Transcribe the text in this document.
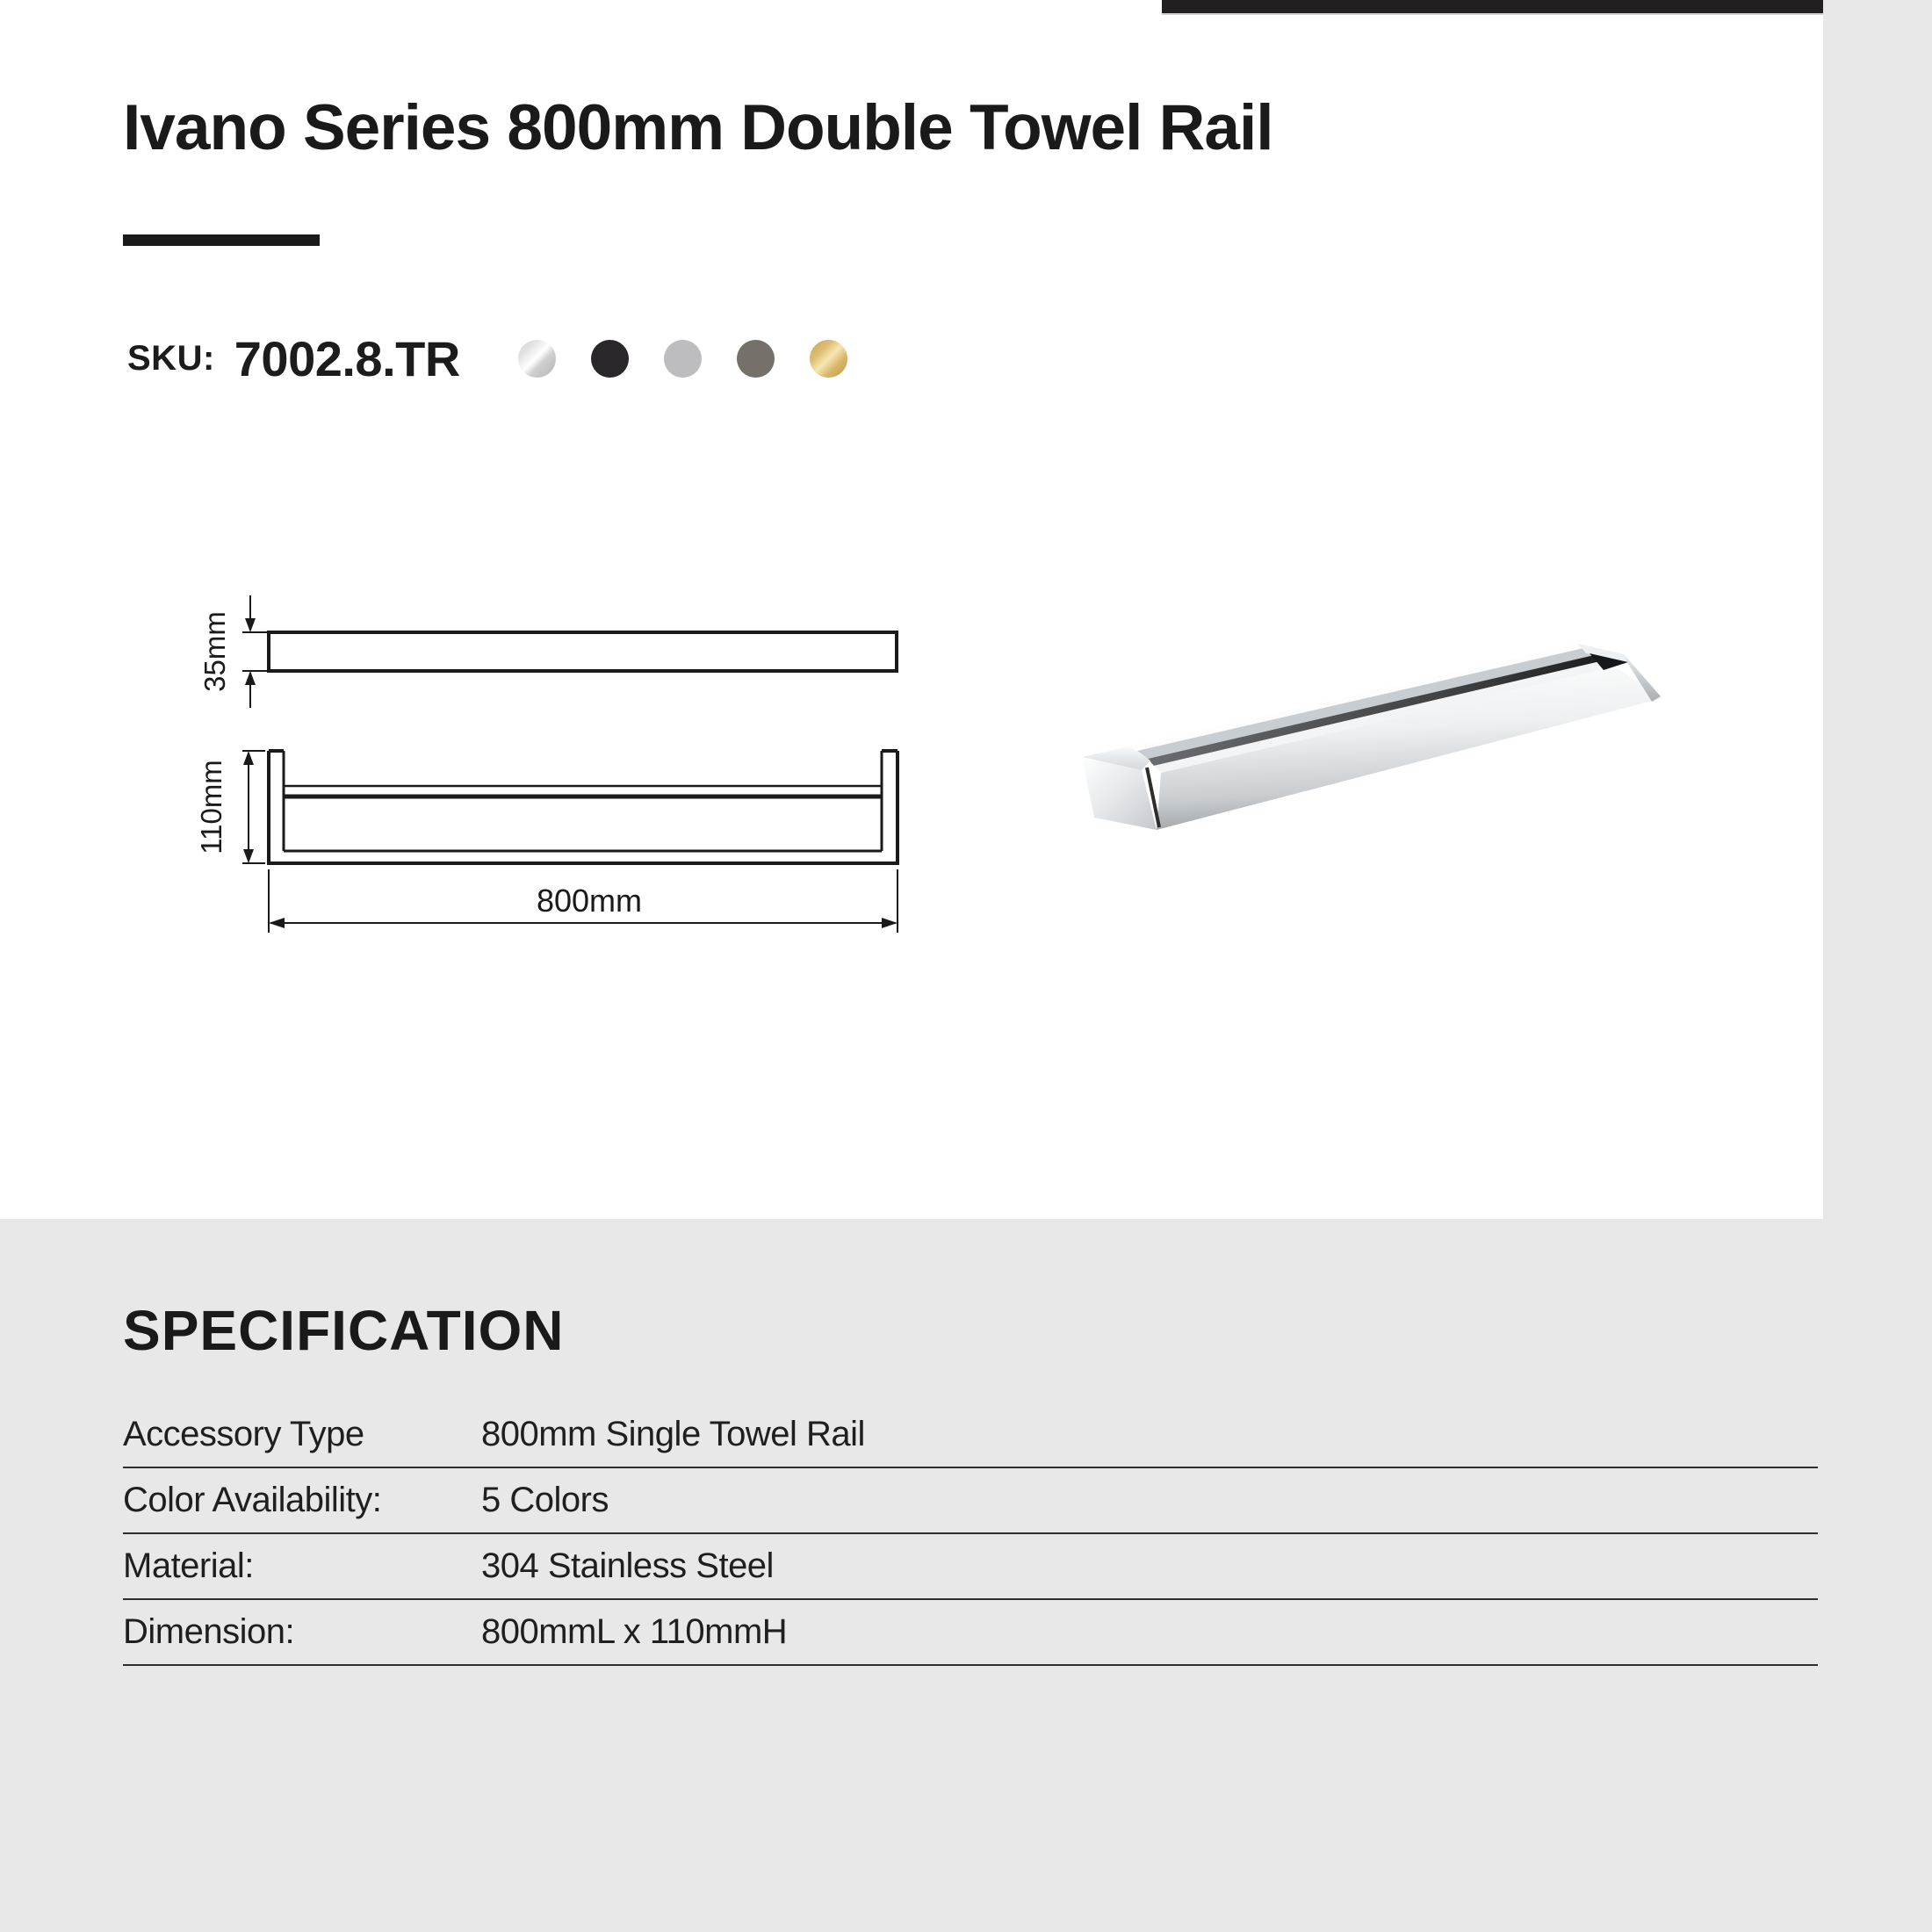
Ivano Series 800mm Double Towel Rail
SKU: 7002.8.TR
35mm
110mm
800mm
SPECIFICATION
Accessory Type	800mm Single Towel Rail
Color Availability:	5 Colors
Material:	304 Stainless Steel
Dimension:	800mmL x 110mmH
